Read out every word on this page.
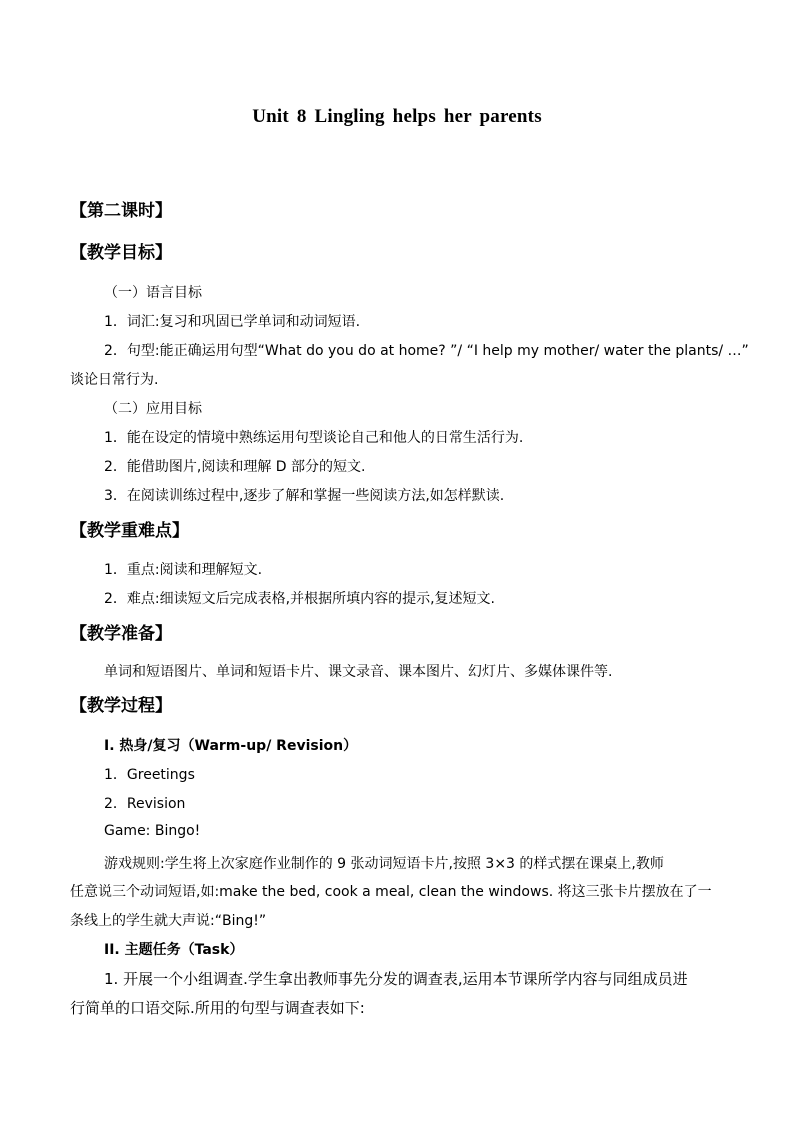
Unit 8 Lingling helps her parents
【第二课时】
【教学目标】
（一）语言目标
1．词汇:复习和巩固已学单词和动词短语.
2．句型:能正确运用句型“What do you do at home? ”/ “I help my mother/ water the plants/ …”
谈论日常行为.
（二）应用目标
1．能在设定的情境中熟练运用句型谈论自己和他人的日常生活行为.
2．能借助图片,阅读和理解 D 部分的短文.
3．在阅读训练过程中,逐步了解和掌握一些阅读方法,如怎样默读.
【教学重难点】
1．重点:阅读和理解短文.
2．难点:细读短文后完成表格,并根据所填内容的提示,复述短文.
【教学准备】
单词和短语图片、单词和短语卡片、课文录音、课本图片、幻灯片、多媒体课件等.
【教学过程】
I. 热身/复习（Warm-up/ Revision）
1．Greetings
2．Revision
Game: Bingo!
游戏规则:学生将上次家庭作业制作的 9 张动词短语卡片,按照 3×3 的样式摆在课桌上,教师
任意说三个动词短语,如:make the bed, cook a meal, clean the windows. 将这三张卡片摆放在了一
条线上的学生就大声说:“Bing!”
II. 主题任务（Task）
1. 开展一个小组调查.学生拿出教师事先分发的调查表,运用本节课所学内容与同组成员进
行简单的口语交际.所用的句型与调查表如下:
